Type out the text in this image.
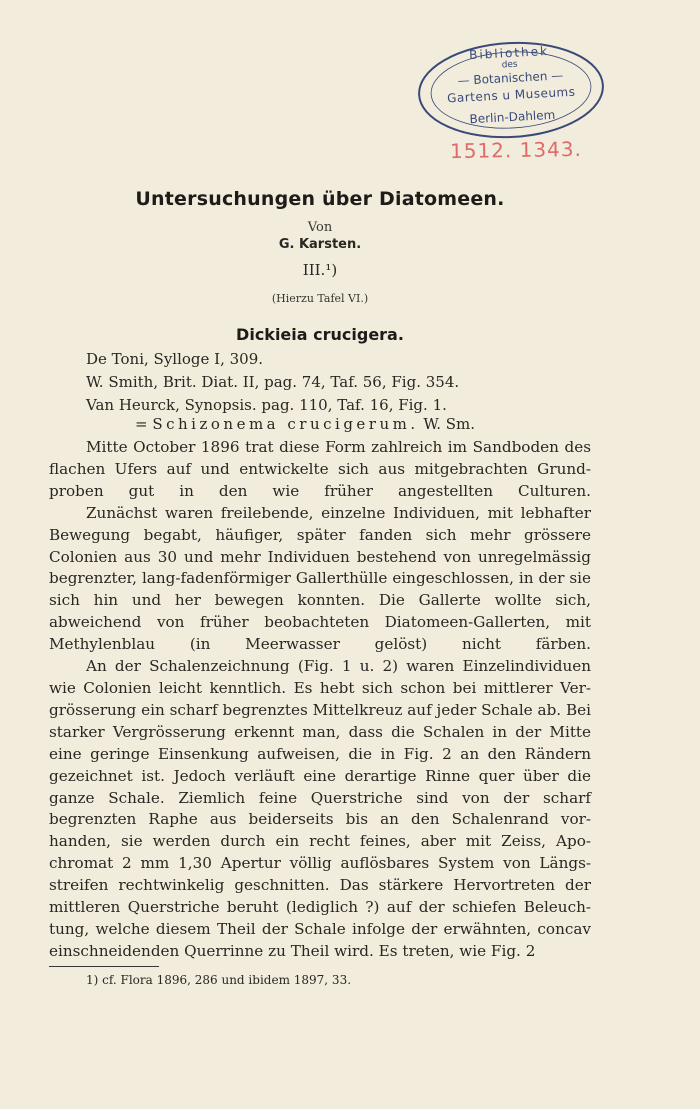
Bibliothek
des
— Botanischen —
Gartens u Museums
Berlin-Dahlem
1512. 1343.
Untersuchungen über Diatomeen.
Von
G. Karsten.
III.¹)
(Hierzu Tafel VI.)
Dickieia crucigera.
De Toni, Sylloge I, 309.
W. Smith, Brit. Diat. II, pag. 74, Taf. 56, Fig. 354.
Van Heurck, Synopsis. pag. 110, Taf. 16, Fig. 1.
= Schizonema crucigerum. W. Sm.

Mitte October 1896 trat diese Form zahlreich im Sandboden des flachen Ufers auf und entwickelte sich aus mitgebrachten Grund- proben gut in den wie früher angestellten Culturen.

Zunächst waren freilebende, einzelne Individuen, mit lebhafter Bewegung begabt, häufiger, später fanden sich mehr grössere Colonien aus 30 und mehr Individuen bestehend von unregelmässig begrenzter, lang-fadenförmiger Gallerthülle eingeschlossen, in der sie sich hin und her bewegen konnten. Die Gallerte wollte sich, abweichend von früher beobachteten Diatomeen-Gallerten, mit Methylenblau (in Meerwasser gelöst) nicht färben.

An der Schalenzeichnung (Fig. 1 u. 2) waren Einzelindividuen wie Colonien leicht kenntlich. Es hebt sich schon bei mittlerer Ver- grösserung ein scharf begrenztes Mittelkreuz auf jeder Schale ab. Bei starker Vergrösserung erkennt man, dass die Schalen in der Mitte eine geringe Einsenkung aufweisen, die in Fig. 2 an den Rändern gezeichnet ist. Jedoch verläuft eine derartige Rinne quer über die ganze Schale. Ziemlich feine Querstriche sind von der scharf begrenzten Raphe aus beiderseits bis an den Schalenrand vor- handen, sie werden durch ein recht feines, aber mit Zeiss, Apo- chromat 2 mm 1,30 Apertur völlig auflösbares System von Längs- streifen rechtwinkelig geschnitten. Das stärkere Hervortreten der mittleren Querstriche beruht (lediglich ?) auf der schiefen Beleuch- tung, welche diesem Theil der Schale infolge der erwähnten, concav einschneidenden Querrinne zu Theil wird. Es treten, wie Fig. 2

1) cf. Flora 1896, 286 und ibidem 1897, 33.
